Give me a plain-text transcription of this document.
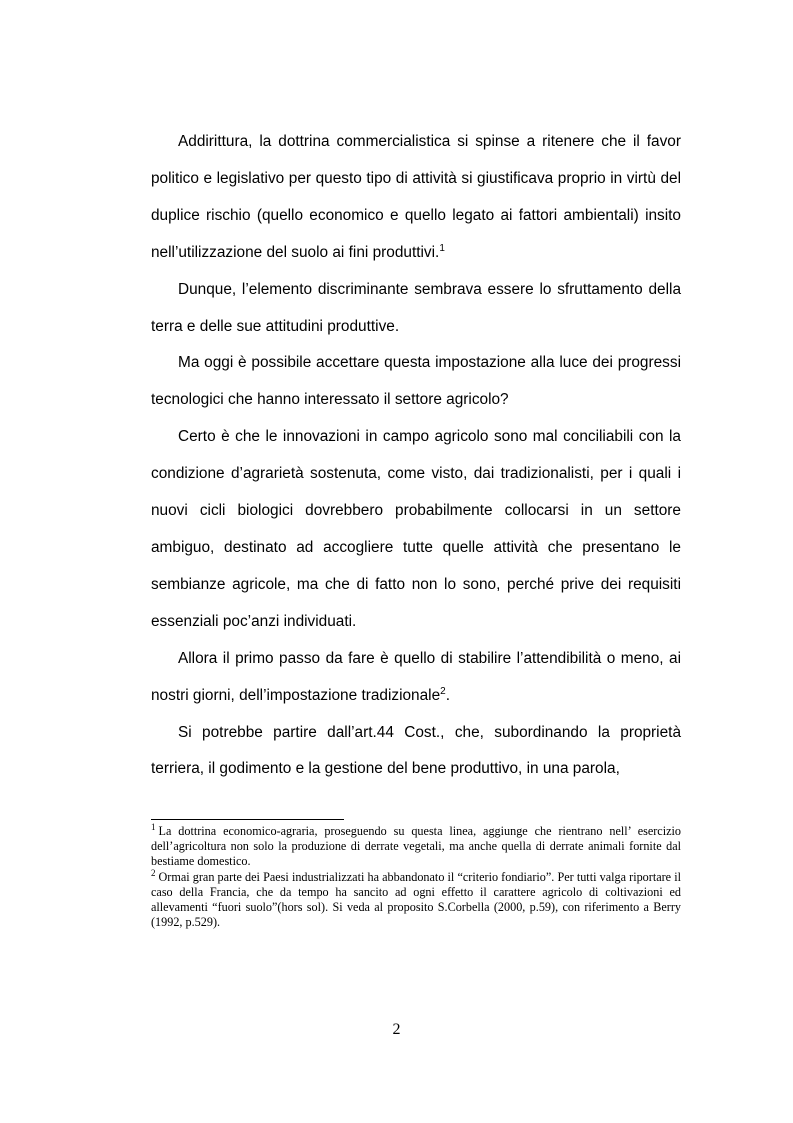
Addirittura, la dottrina commercialistica si spinse a ritenere che il favor politico e legislativo per questo tipo di attività si giustificava proprio in virtù del duplice rischio (quello economico e quello legato ai fattori ambientali) insito nell’utilizzazione del suolo ai fini produttivi.$^1$

Dunque, l’elemento discriminante sembrava essere lo sfruttamento della terra e delle sue attitudini produttive.

Ma oggi è possibile accettare questa impostazione alla luce dei progressi tecnologici che hanno interessato il settore agricolo?

Certo è che le innovazioni in campo agricolo sono mal conciliabili con la condizione d’agrarietà sostenuta, come visto, dai tradizionalisti, per i quali i nuovi cicli biologici dovrebbero probabilmente collocarsi in un settore ambiguo, destinato ad accogliere tutte quelle attività che presentano le sembianze agricole, ma che di fatto non lo sono, perché prive dei requisiti essenziali poc’anzi individuati.

Allora il primo passo da fare è quello di stabilire l’attendibilità o meno, ai nostri giorni, dell’impostazione tradizionale$^2$.

Si potrebbe partire dall’art.44 Cost., che, subordinando la proprietà terriera, il godimento e la gestione del bene produttivo, in una parola,

$^1$ La dottrina economico-agraria, proseguendo su questa linea, aggiunge che rientrano nell’ esercizio dell’agricoltura non solo la produzione di derrate vegetali, ma anche quella di derrate animali fornite dal bestiame domestico.

$^2$ Ormai gran parte dei Paesi industrializzati ha abbandonato il “criterio fondiario”. Per tutti valga riportare il caso della Francia, che da tempo ha sancito ad ogni effetto il carattere agricolo di coltivazioni ed allevamenti “fuori suolo”(hors sol). Si veda al proposito S.Corbella (2000, p.59), con riferimento a Berry (1992, p.529).

2
